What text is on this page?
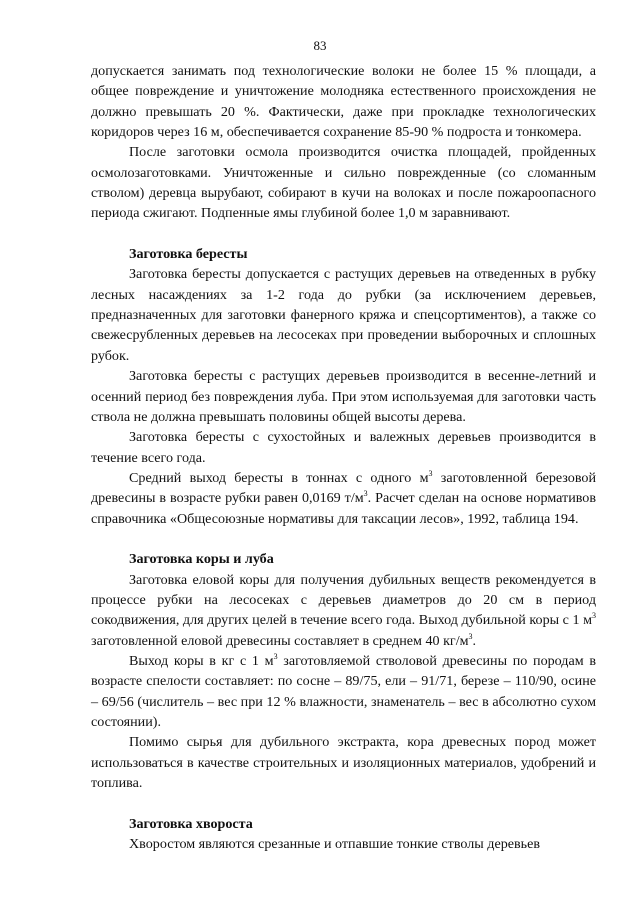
83

допускается занимать под технологические волоки не более 15 % площади, а общее повреждение и уничтожение молодняка естественного происхождения не должно превышать 20 %. Фактически, даже при прокладке технологических коридоров через 16 м, обеспечивается сохранение 85-90 % подроста и тонкомера.

После заготовки осмола производится очистка площадей, пройденных осмолозаготовками. Уничтоженные и сильно поврежденные (со сломанным стволом) деревца вырубают, собирают в кучи на волоках и после пожароопасного периода сжигают. Подпенные ямы глубиной более 1,0 м заравнивают.

Заготовка бересты

Заготовка бересты допускается с растущих деревьев на отведенных в рубку лесных насаждениях за 1-2 года до рубки (за исключением деревьев, предназначенных для заготовки фанерного кряжа и спецсортиментов), а также со свежесрубленных деревьев на лесосеках при проведении выборочных и сплошных рубок.

Заготовка бересты с растущих деревьев производится в весенне-летний и осенний период без повреждения луба. При этом используемая для заготовки часть ствола не должна превышать половины общей высоты дерева.

Заготовка бересты с сухостойных и валежных деревьев производится в течение всего года.

Средний выход бересты в тоннах с одного $м^3$ заготовленной березовой древесины в возрасте рубки равен 0,0169 $т/м^3$. Расчет сделан на основе нормативов справочника «Общесоюзные нормативы для таксации лесов», 1992, таблица 194.

Заготовка коры и луба

Заготовка еловой коры для получения дубильных веществ рекомендуется в процессе рубки на лесосеках с деревьев диаметров до 20 см в период сокодвижения, для других целей в течение всего года. Выход дубильной коры с 1 $м^3$ заготовленной еловой древесины составляет в среднем 40 $кг/м^3$.

Выход коры в кг с 1 $м^3$ заготовляемой стволовой древесины по породам в возрасте спелости составляет: по сосне – 89/75, ели – 91/71, березе – 110/90, осине – 69/56 (числитель – вес при 12 % влажности, знаменатель – вес в абсолютно сухом состоянии).

Помимо сырья для дубильного экстракта, кора древесных пород может использоваться в качестве строительных и изоляционных материалов, удобрений и топлива.

Заготовка хвороста

Хворостом являются срезанные и отпавшие тонкие стволы деревьев
